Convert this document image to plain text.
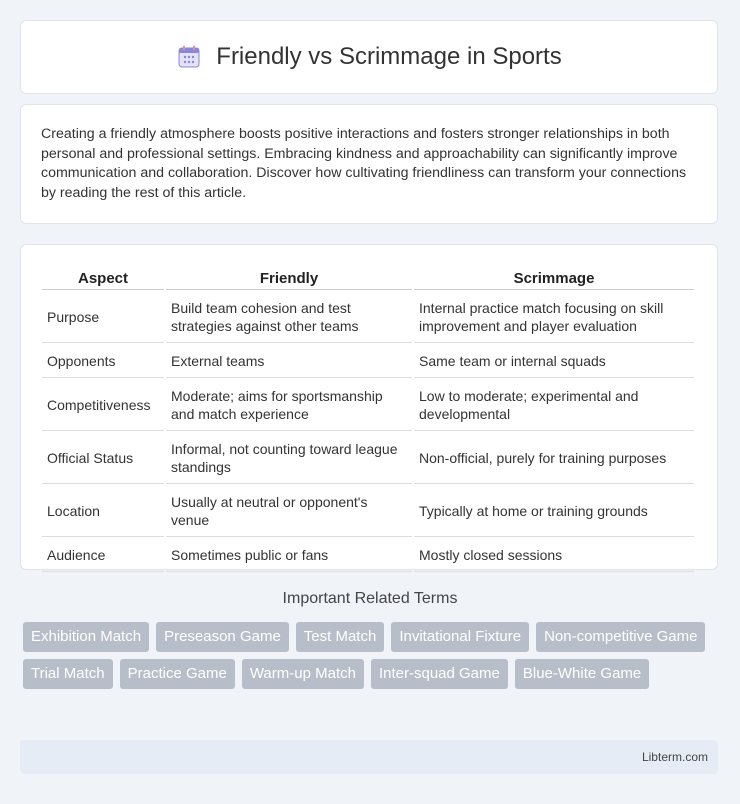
Friendly vs Scrimmage in Sports

Creating a friendly atmosphere boosts positive interactions and fosters stronger relationships in both personal and professional settings. Embracing kindness and approachability can significantly improve communication and collaboration. Discover how cultivating friendliness can transform your connections by reading the rest of this article.

Aspect	Friendly	Scrimmage
Purpose	Build team cohesion and test strategies against other teams	Internal practice match focusing on skill improvement and player evaluation
Opponents	External teams	Same team or internal squads
Competitiveness	Moderate; aims for sportsmanship and match experience	Low to moderate; experimental and developmental
Official Status	Informal, not counting toward league standings	Non-official, purely for training purposes
Location	Usually at neutral or opponent's venue	Typically at home or training grounds
Audience	Sometimes public or fans	Mostly closed sessions
Important Related Terms
Exhibition Match	Preseason Game	Test Match	Invitational Fixture	Non-competitive Game
Trial Match	Practice Game	Warm-up Match	Inter-squad Game	Blue-White Game
Libterm.com
